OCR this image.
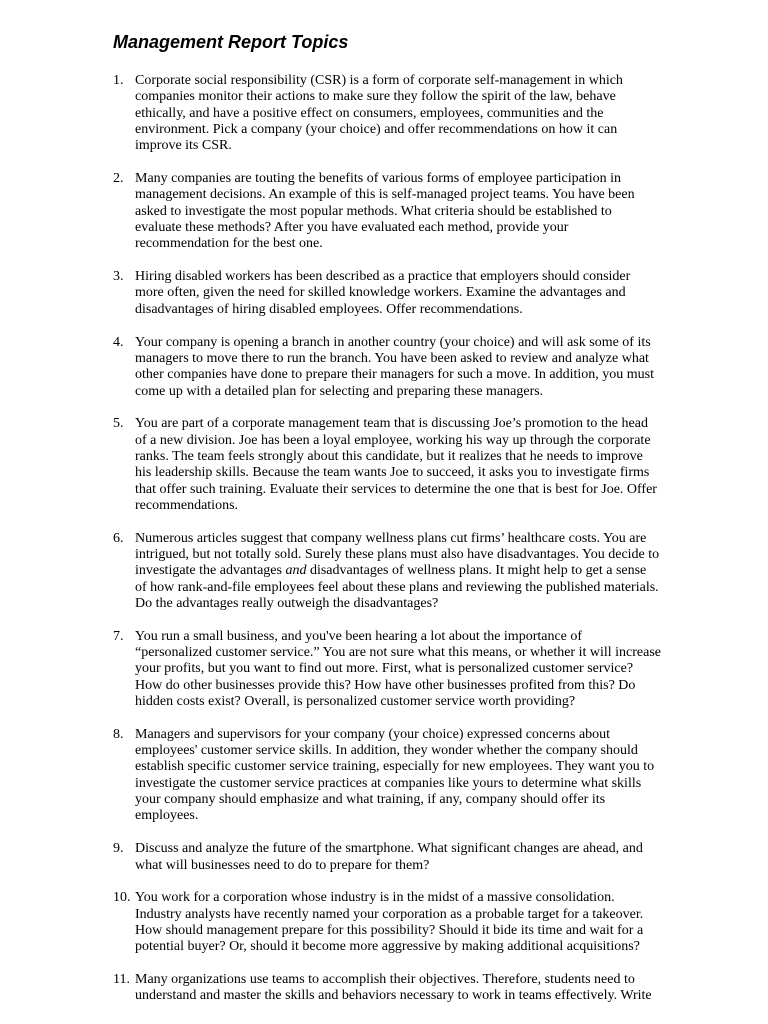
Management Report Topics
1. Corporate social responsibility (CSR) is a form of corporate self-management in which companies monitor their actions to make sure they follow the spirit of the law, behave ethically, and have a positive effect on consumers, employees, communities and the environment. Pick a company (your choice) and offer recommendations on how it can improve its CSR.
2. Many companies are touting the benefits of various forms of employee participation in management decisions. An example of this is self-managed project teams. You have been asked to investigate the most popular methods. What criteria should be established to evaluate these methods? After you have evaluated each method, provide your recommendation for the best one.
3. Hiring disabled workers has been described as a practice that employers should consider more often, given the need for skilled knowledge workers. Examine the advantages and disadvantages of hiring disabled employees. Offer recommendations.
4. Your company is opening a branch in another country (your choice) and will ask some of its managers to move there to run the branch. You have been asked to review and analyze what other companies have done to prepare their managers for such a move. In addition, you must come up with a detailed plan for selecting and preparing these managers.
5. You are part of a corporate management team that is discussing Joe’s promotion to the head of a new division. Joe has been a loyal employee, working his way up through the corporate ranks. The team feels strongly about this candidate, but it realizes that he needs to improve his leadership skills. Because the team wants Joe to succeed, it asks you to investigate firms that offer such training. Evaluate their services to determine the one that is best for Joe. Offer recommendations.
6. Numerous articles suggest that company wellness plans cut firms’ healthcare costs. You are intrigued, but not totally sold. Surely these plans must also have disadvantages. You decide to investigate the advantages and disadvantages of wellness plans. It might help to get a sense of how rank-and-file employees feel about these plans and reviewing the published materials. Do the advantages really outweigh the disadvantages?
7. You run a small business, and you've been hearing a lot about the importance of “personalized customer service.” You are not sure what this means, or whether it will increase your profits, but you want to find out more. First, what is personalized customer service? How do other businesses provide this? How have other businesses profited from this? Do hidden costs exist? Overall, is personalized customer service worth providing?
8. Managers and supervisors for your company (your choice) expressed concerns about employees' customer service skills. In addition, they wonder whether the company should establish specific customer service training, especially for new employees. They want you to investigate the customer service practices at companies like yours to determine what skills your company should emphasize and what training, if any, company should offer its employees.
9. Discuss and analyze the future of the smartphone. What significant changes are ahead, and what will businesses need to do to prepare for them?
10. You work for a corporation whose industry is in the midst of a massive consolidation. Industry analysts have recently named your corporation as a probable target for a takeover. How should management prepare for this possibility? Should it bide its time and wait for a potential buyer? Or, should it become more aggressive by making additional acquisitions?
11. Many organizations use teams to accomplish their objectives. Therefore, students need to understand and master the skills and behaviors necessary to work in teams effectively. Write
